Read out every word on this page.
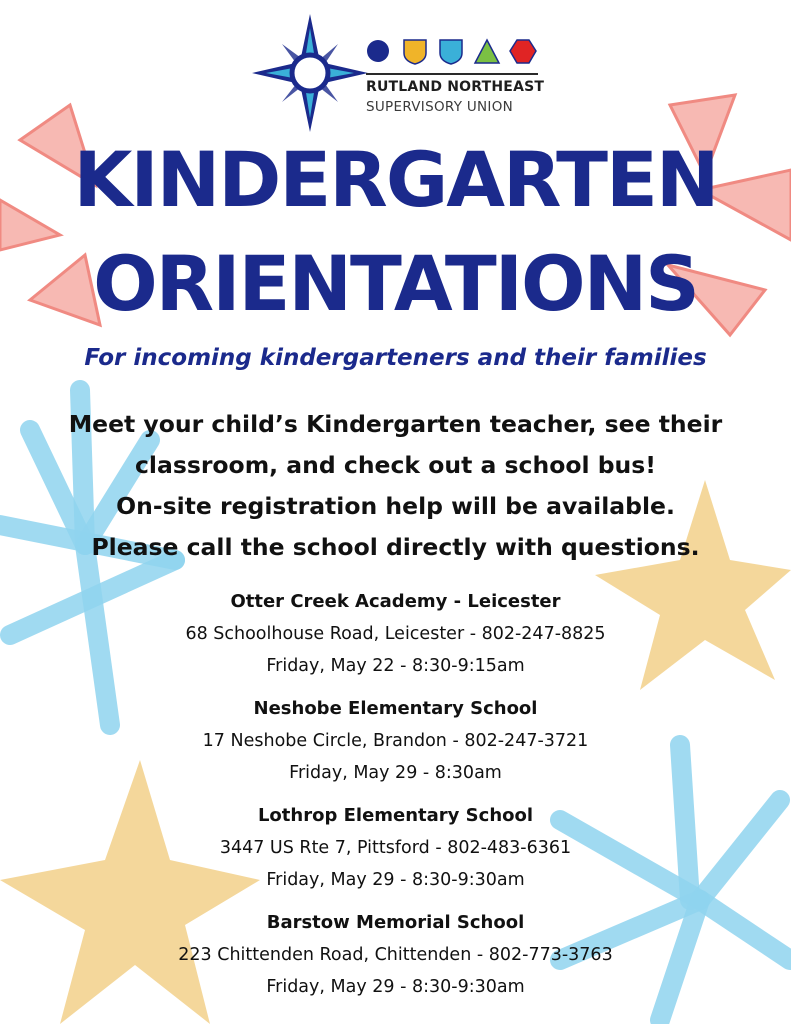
RUTLAND NORTHEAST
SUPERVISORY UNION
KINDERGARTEN
ORIENTATIONS
For incoming kindergarteners and their families
Meet your child’s Kindergarten teacher, see their
classroom, and check out a school bus!
On-site registration help will be available.
Please call the school directly with questions.
Otter Creek Academy - Leicester
68 Schoolhouse Road, Leicester - 802-247-8825
Friday, May 22 - 8:30-9:15am
Neshobe Elementary School
17 Neshobe Circle, Brandon - 802-247-3721
Friday, May 29 - 8:30am
Lothrop Elementary School
3447 US Rte 7, Pittsford - 802-483-6361
Friday, May 29 - 8:30-9:30am
Barstow Memorial School
223 Chittenden Road, Chittenden - 802-773-3763
Friday, May 29 - 8:30-9:30am
